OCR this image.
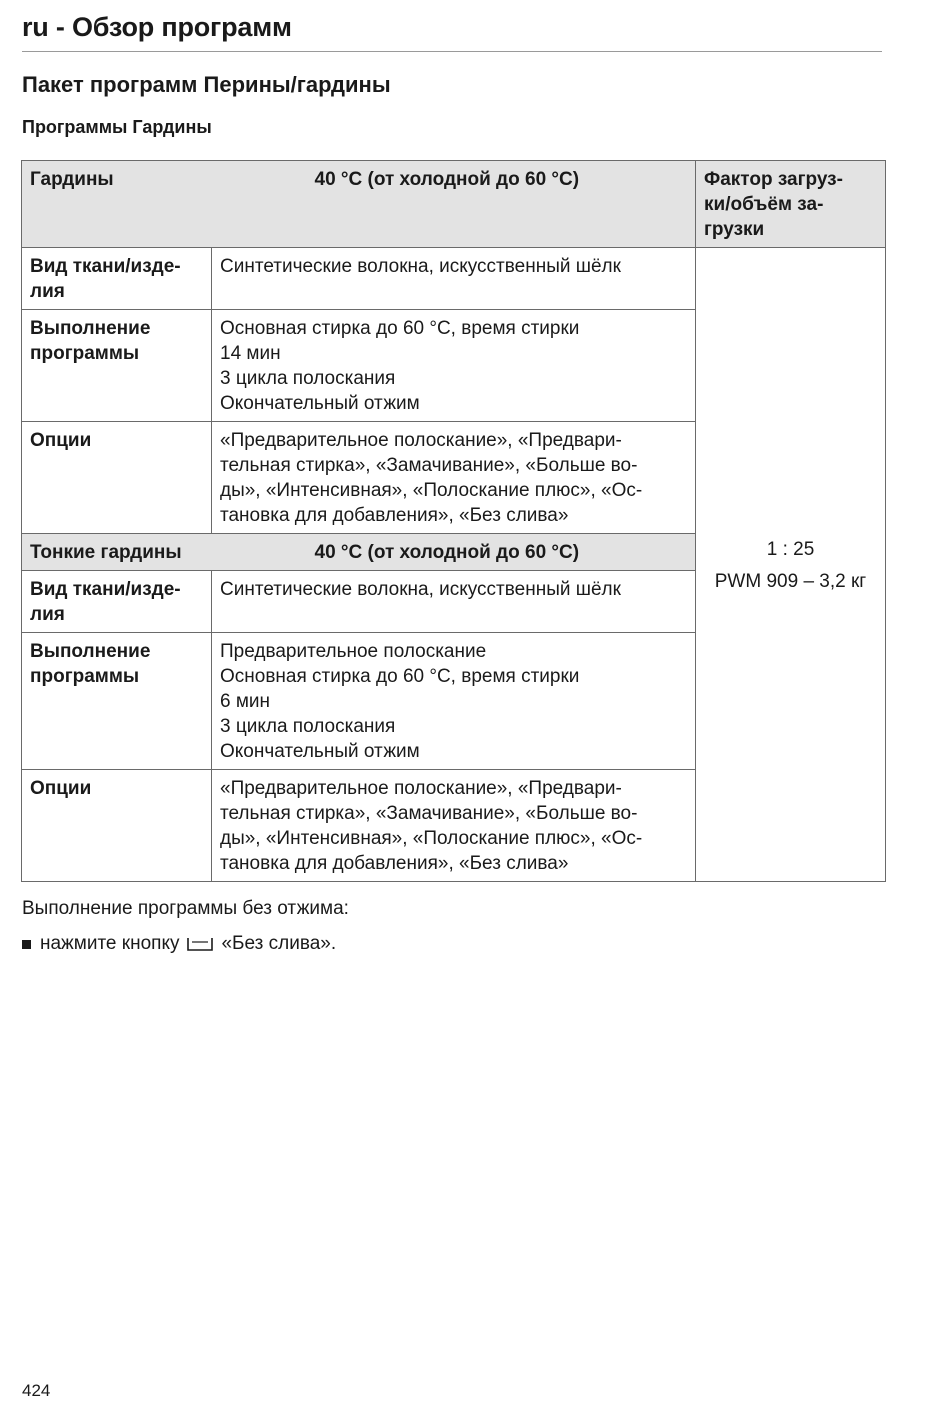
ru - Обзор программ
Пакет программ Перины/гардины
Программы Гардины
Гардины	40 °C (от холодной до 60 °C)	Фактор загруз-
ки/объём за-
грузки
Вид ткани/изде-
лия	Синтетические волокна, искусственный шёлк	1 : 25
PWM 909 – 3,2 кг

Выполнение программы	Основная стирка до 60 °C, время стирки
14 мин
3 цикла полоскания
Окончательный отжим	

Опции	«Предварительное полоскание», «Предвари-
тельная стирка», «Замачивание», «Больше во-
ды», «Интенсивная», «Полоскание плюс», «Ос-
тановка для добавления», «Без слива»	

Тонкие гардины	40 °C (от холодной до 60 °C)	
Вид ткани/изде-
лия	Синтетические волокна, искусственный шёлк	

Выполнение программы	Предварительное полоскание
Основная стирка до 60 °C, время стирки
6 мин
3 цикла полоскания
Окончательный отжим	

Опции	«Предварительное полоскание», «Предвари-
тельная стирка», «Замачивание», «Больше во-
ды», «Интенсивная», «Полоскание плюс», «Ос-
тановка для добавления», «Без слива»	

Выполнение программы без отжима:

нажмите кнопку «Без слива».
424
